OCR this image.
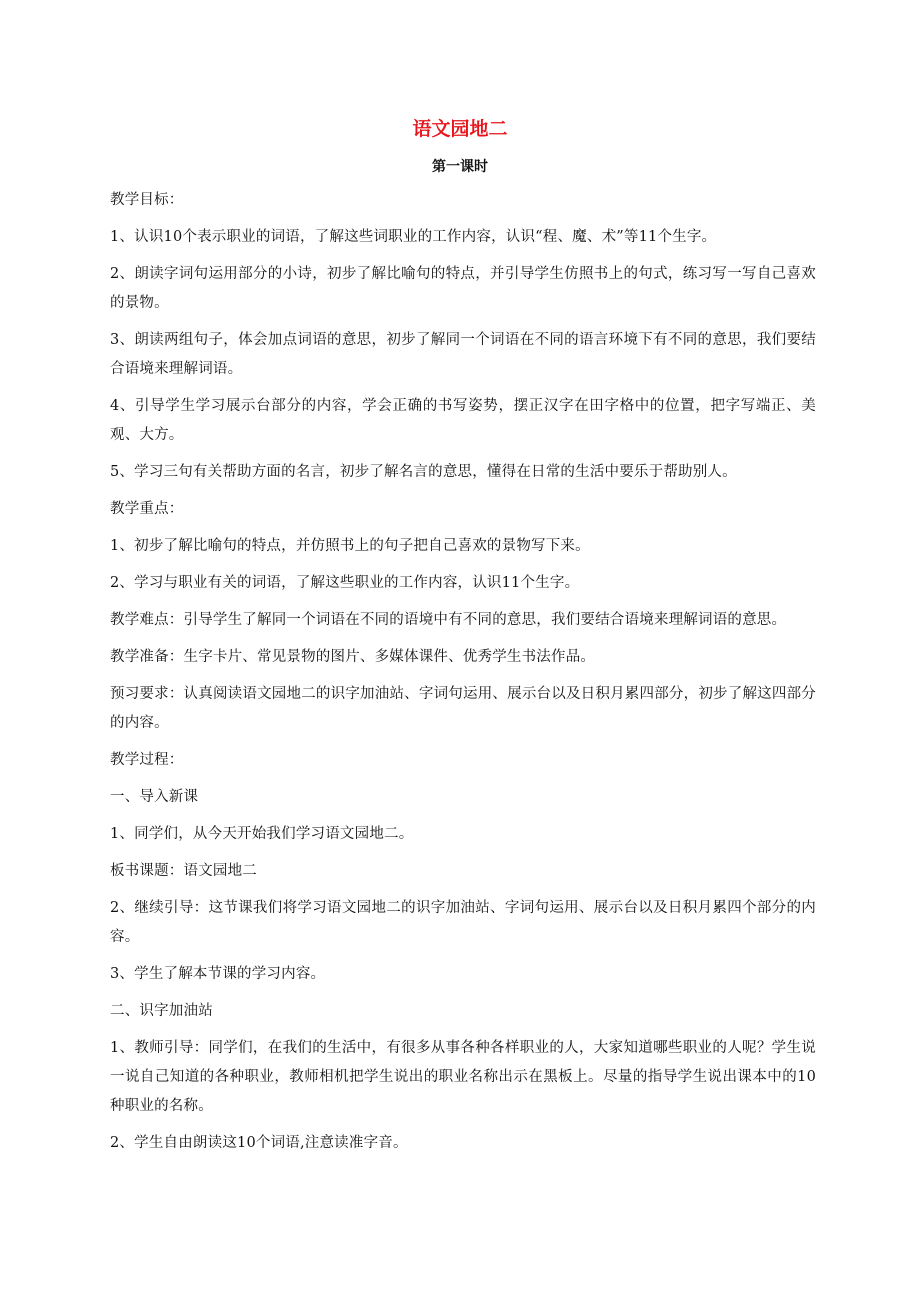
语文园地二
第一课时

教学目标：

1、认识10个表示职业的词语，了解这些词职业的工作内容，认识“程、魔、术”等11个生字。

2、朗读字词句运用部分的小诗，初步了解比喻句的特点，并引导学生仿照书上的句式，练习写一写自己喜欢的景物。

3、朗读两组句子，体会加点词语的意思，初步了解同一个词语在不同的语言环境下有不同的意思，我们要结合语境来理解词语。

4、引导学生学习展示台部分的内容，学会正确的书写姿势，摆正汉字在田字格中的位置，把字写端正、美观、大方。

5、学习三句有关帮助方面的名言，初步了解名言的意思，懂得在日常的生活中要乐于帮助别人。

教学重点：

1、初步了解比喻句的特点，并仿照书上的句子把自己喜欢的景物写下来。

2、学习与职业有关的词语，了解这些职业的工作内容，认识11个生字。

教学难点：引导学生了解同一个词语在不同的语境中有不同的意思，我们要结合语境来理解词语的意思。

教学准备：生字卡片、常见景物的图片、多媒体课件、优秀学生书法作品。

预习要求：认真阅读语文园地二的识字加油站、字词句运用、展示台以及日积月累四部分，初步了解这四部分的内容。

教学过程：

一、导入新课

1、同学们，从今天开始我们学习语文园地二。

板书课题：语文园地二

2、继续引导：这节课我们将学习语文园地二的识字加油站、字词句运用、展示台以及日积月累四个部分的内容。

3、学生了解本节课的学习内容。

二、识字加油站

1、教师引导：同学们，在我们的生活中，有很多从事各种各样职业的人，大家知道哪些职业的人呢？学生说一说自己知道的各种职业，教师相机把学生说出的职业名称出示在黑板上。尽量的指导学生说出课本中的10种职业的名称。

2、学生自由朗读这10个词语,注意读准字音。
